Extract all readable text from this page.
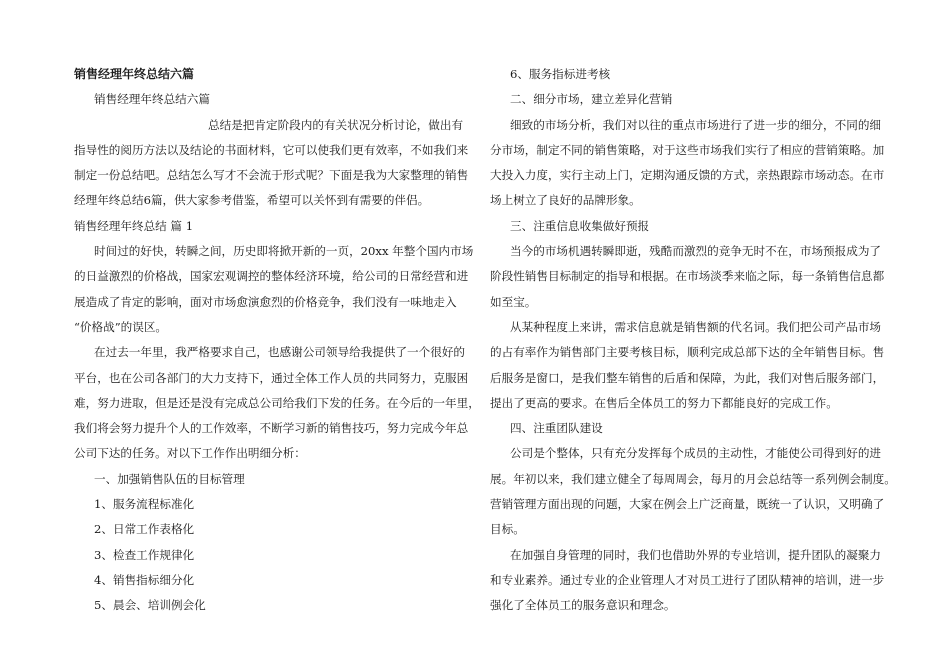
销售经理年终总结六篇
销售经理年终总结六篇
总结是把肯定阶段内的有关状况分析讨论，做出有
指导性的阅历方法以及结论的书面材料，它可以使我们更有效率，不如我们来
制定一份总结吧。总结怎么写才不会流于形式呢？下面是我为大家整理的销售
经理年终总结6篇，供大家参考借鉴，希望可以关怀到有需要的伴侣。
销售经理年终总结 篇 1
时间过的好快，转瞬之间，历史即将掀开新的一页，20xx 年整个国内市场
的日益激烈的价格战，国家宏观调控的整体经济环境，给公司的日常经营和进
展造成了肯定的影响，面对市场愈演愈烈的价格竞争，我们没有一味地走入
“价格战”的误区。
在过去一年里，我严格要求自己，也感谢公司领导给我提供了一个很好的
平台，也在公司各部门的大力支持下，通过全体工作人员的共同努力，克服困
难，努力进取，但是还是没有完成总公司给我们下发的任务。在今后的一年里，
我们将会努力提升个人的工作效率，不断学习新的销售技巧，努力完成今年总
公司下达的任务。对以下工作作出明细分析：
一、加强销售队伍的目标管理
1、服务流程标准化
2、日常工作表格化
3、检查工作规律化
4、销售指标细分化
5、晨会、培训例会化
6、服务指标进考核
二、细分市场，建立差异化营销
细致的市场分析，我们对以往的重点市场进行了进一步的细分，不同的细
分市场，制定不同的销售策略，对于这些市场我们实行了相应的营销策略。加
大投入力度，实行主动上门，定期沟通反馈的方式，亲热跟踪市场动态。在市
场上树立了良好的品牌形象。
三、注重信息收集做好预报
当今的市场机遇转瞬即逝，残酷而激烈的竞争无时不在，市场预报成为了
阶段性销售目标制定的指导和根据。在市场淡季来临之际，每一条销售信息都
如至宝。
从某种程度上来讲，需求信息就是销售额的代名词。我们把公司产品市场
的占有率作为销售部门主要考核目标，顺利完成总部下达的全年销售目标。售
后服务是窗口，是我们整车销售的后盾和保障，为此，我们对售后服务部门，
提出了更高的要求。在售后全体员工的努力下都能良好的完成工作。
四、注重团队建设
公司是个整体，只有充分发挥每个成员的主动性，才能使公司得到好的进
展。年初以来，我们建立健全了每周周会，每月的月会总结等一系列例会制度。
营销管理方面出现的问题，大家在例会上广泛商量，既统一了认识，又明确了
目标。
在加强自身管理的同时，我们也借助外界的专业培训，提升团队的凝聚力
和专业素养。通过专业的企业管理人才对员工进行了团队精神的培训，进一步
强化了全体员工的服务意识和理念。
